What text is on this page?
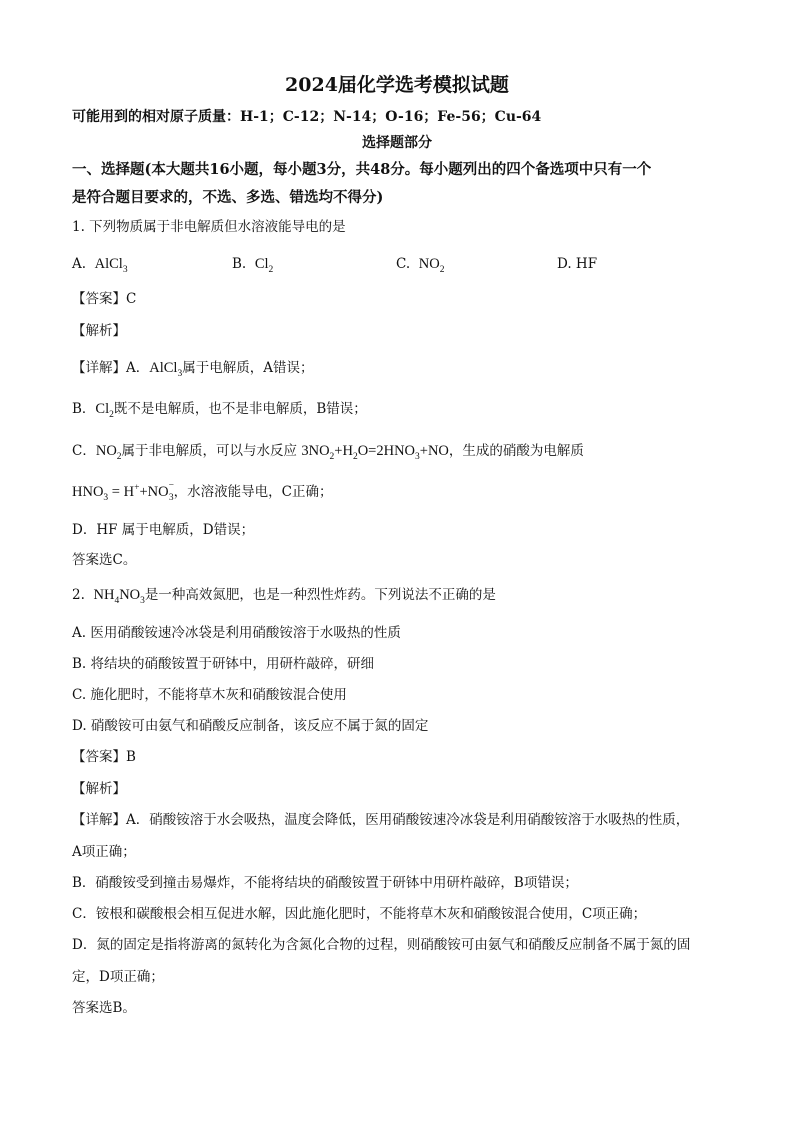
2024届化学选考模拟试题
可能用到的相对原子质量：H-1；C-12；N-14；O-16；Fe-56；Cu-64
选择题部分
一、选择题(本大题共16小题，每小题3分，共48分。每小题列出的四个备选项中只有一个
是符合题目要求的，不选、多选、错选均不得分)
1. 下列物质属于非电解质但水溶液能导电的是
A. AlCl$_3$	B. $Cl_2$	C. $NO_2$	D. HF
【答案】C
【解析】
【详解】A．AlCl$_3$属于电解质，A错误；
B．$Cl_2$既不是电解质，也不是非电解质，B错误；
C．$NO_2$属于非电解质，可以与水反应 $3NO_2+H_2O=2HNO_3+NO$，生成的硝酸为电解质
$HNO_3 = H^++NO^-_3$，水溶液能导电，C正确；
D．HF 属于电解质，D错误；
答案选C。
2. $NH_4NO_3$是一种高效氮肥，也是一种烈性炸药。下列说法不正确的是
A. 医用硝酸铵速冷冰袋是利用硝酸铵溶于水吸热的性质
B. 将结块的硝酸铵置于研钵中，用研杵敲碎，研细
C. 施化肥时，不能将草木灰和硝酸铵混合使用
D. 硝酸铵可由氨气和硝酸反应制备，该反应不属于氮的固定
【答案】B
【解析】
【详解】A．硝酸铵溶于水会吸热，温度会降低，医用硝酸铵速冷冰袋是利用硝酸铵溶于水吸热的性质，
A项正确；
B．硝酸铵受到撞击易爆炸，不能将结块的硝酸铵置于研钵中用研杵敲碎，B项错误；
C．铵根和碳酸根会相互促进水解，因此施化肥时，不能将草木灰和硝酸铵混合使用，C项正确；
D．氮的固定是指将游离的氮转化为含氮化合物的过程，则硝酸铵可由氨气和硝酸反应制备不属于氮的固
定，D项正确；
答案选B。
